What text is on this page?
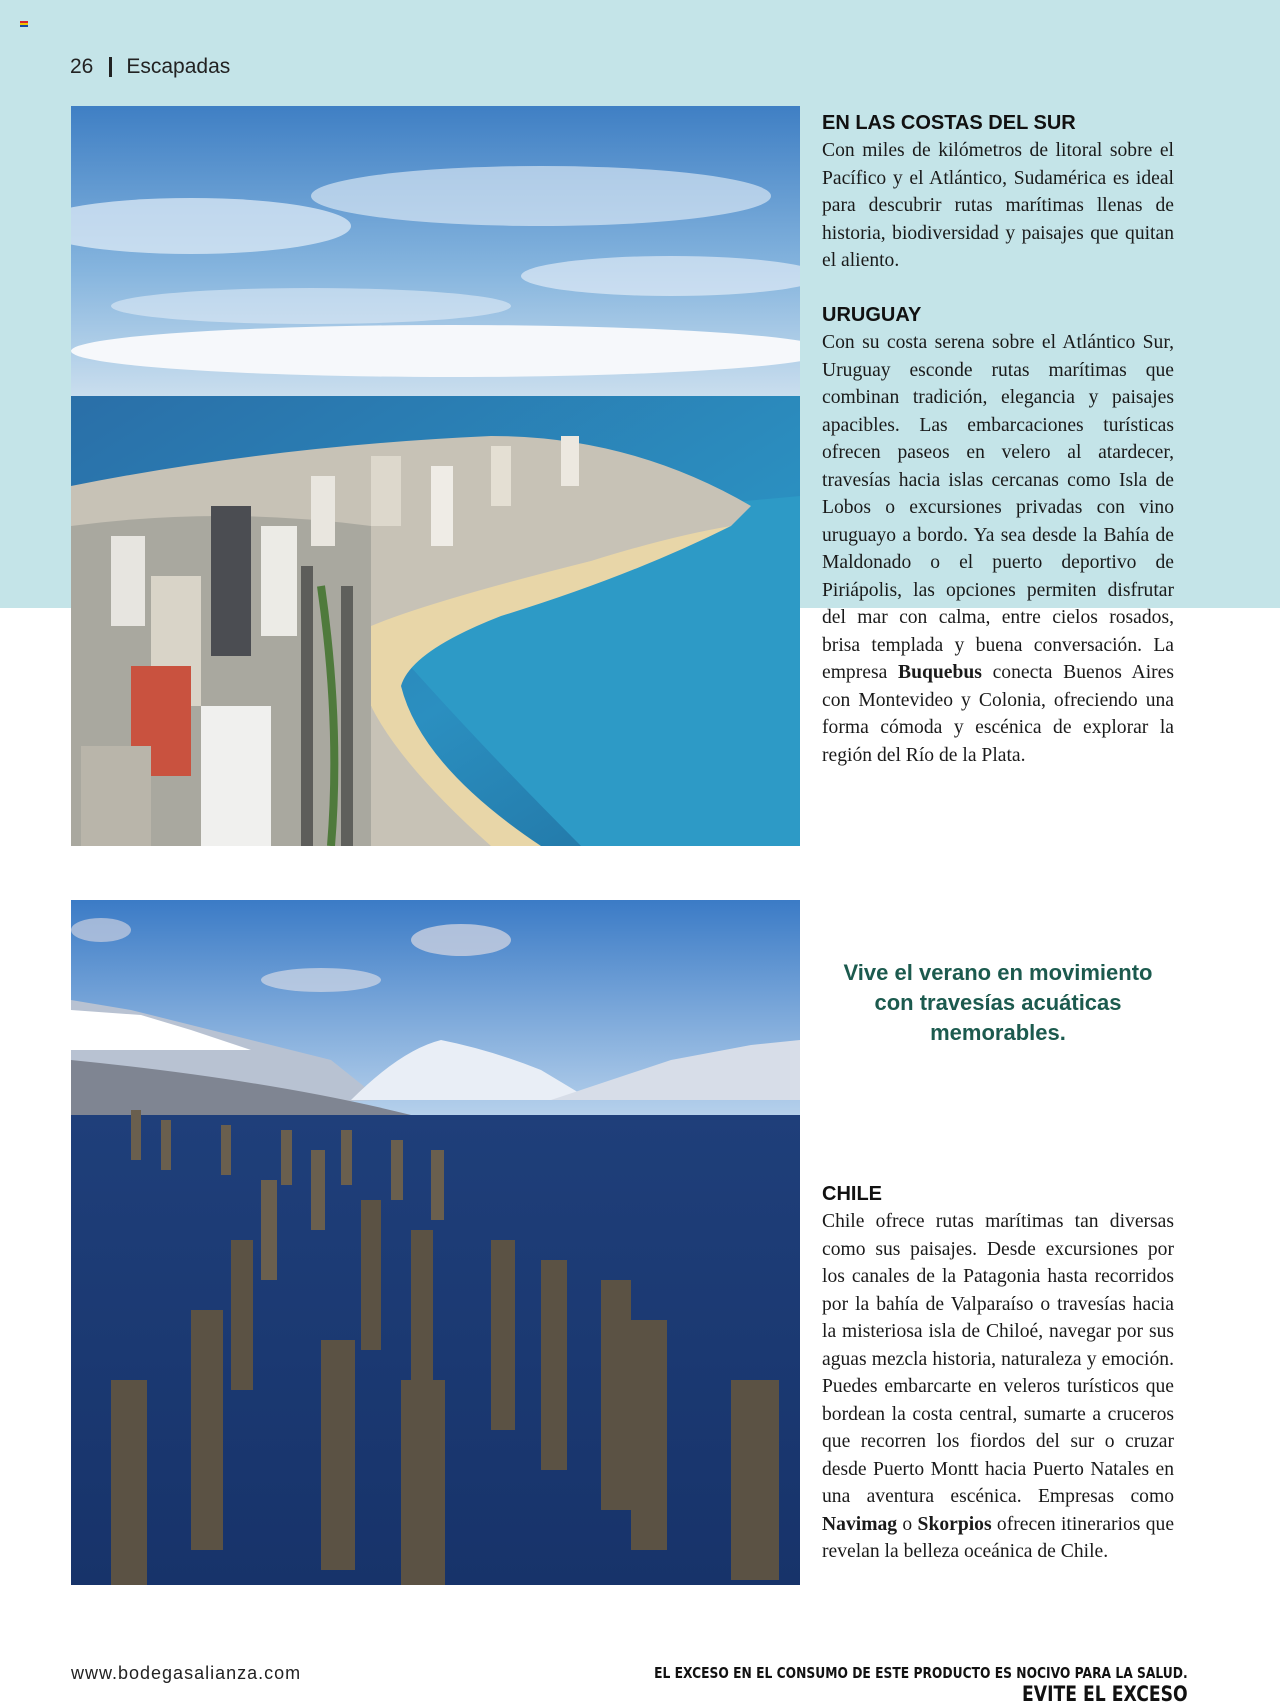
26 Escapadas
EN LAS COSTAS DEL SUR

Con miles de kilómetros de litoral sobre el Pacífico y el Atlántico, Sudamérica es ideal para descubrir rutas marítimas llenas de historia, biodiversidad y paisajes que quitan el aliento.

URUGUAY

Con su costa serena sobre el Atlántico Sur, Uruguay esconde rutas marítimas que combinan tradición, elegancia y paisajes apacibles. Las embarcaciones turísticas ofrecen paseos en velero al atardecer, travesías hacia islas cercanas como Isla de Lobos o excursiones privadas con vino uruguayo a bordo. Ya sea desde la Bahía de Maldonado o el puerto deportivo de Piriápolis, las opciones permiten disfrutar del mar con calma, entre cielos rosados, brisa templada y buena conversación. La empresa Buquebus conecta Buenos Aires con Montevideo y Colonia, ofreciendo una forma cómoda y escénica de explorar la región del Río de la Plata.

Vive el verano en movimiento con travesías acuáticas memorables.
CHILE

Chile ofrece rutas marítimas tan diversas como sus paisajes. Desde excursiones por los canales de la Patagonia hasta recorridos por la bahía de Valparaíso o travesías hacia la misteriosa isla de Chiloé, navegar por sus aguas mezcla historia, naturaleza y emoción. Puedes embarcarte en veleros turísticos que bordean la costa central, sumarte a cruceros que recorren los fiordos del sur o cruzar desde Puerto Montt hacia Puerto Natales en una aventura escénica. Empresas como Navimag o Skorpios ofrecen itinerarios que revelan la belleza oceánica de Chile.

www.bodegasalianza.com	EL EXCESO EN EL CONSUMO DE ESTE PRODUCTO ES NOCIVO PARA LA SALUD.
EVITE EL EXCESO
